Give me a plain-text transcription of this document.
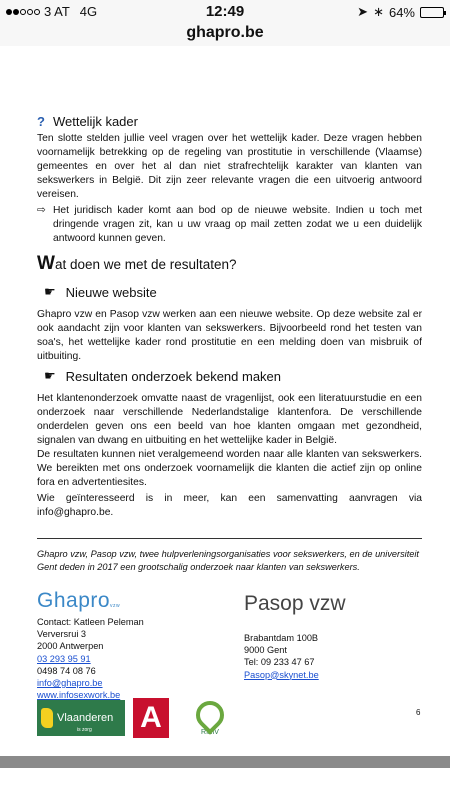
3 AT 4G	12:49	➤ ∗ 64%
ghapro.be
? Wettelijk kader

Ten slotte stelden jullie veel vragen over het wettelijk kader. Deze vragen hebben voornamelijk betrekking op de regeling van prostitutie in verschillende (Vlaamse) gemeentes en over het al dan niet strafrechtelijk karakter van klanten van sekswerkers in België. Dit zijn zeer relevante vragen die een uitvoerig antwoord vereisen.

⇨ Het juridisch kader komt aan bod op de nieuwe website. Indien u toch met dringende vragen zit, kan u uw vraag op mail zetten zodat we u een duidelijk antwoord kunnen geven.
Wat doen we met de resultaten?
☛ Nieuwe website

Ghapro vzw en Pasop vzw werken aan een nieuwe website. Op deze website zal er ook aandacht zijn voor klanten van sekswerkers. Bijvoorbeeld rond het testen van soa's, het wettelijke kader rond prostitutie en een melding doen van misbruik of uitbuiting.

☛ Resultaten onderzoek bekend maken

Het klantenonderzoek omvatte naast de vragenlijst, ook een literatuurstudie en een onderzoek naar verschillende Nederlandstalige klantenfora. De verschillende onderdelen geven ons een beeld van hoe klanten omgaan met gezondheid, signalen van dwang en uitbuiting en het wettelijke kader in België.

De resultaten kunnen niet veralgemeend worden naar alle klanten van sekswerkers. We bereikten met ons onderzoek voornamelijk die klanten die actief zijn op online fora en advertentiesites.

Wie geïnteresseerd is in meer, kan een samenvatting aanvragen via info@ghapro.be.

Ghapro vzw, Pasop vzw, twee hulpverleningsorganisaties voor sekswerkers, en de universiteit Gent deden in 2017 een grootschalig onderzoek naar klanten van sekswerkers.

Ghaprovzw
Contact: Katleen Peleman
Verversrui 3
2000 Antwerpen
03 293 95 91
0498 74 08 76
info@ghapro.be
www.infosexwork.be
Pasop vzw
Brabantdam 100B
9000 Gent
Tel: 09 233 47 67
Pasop@skynet.be
Vlaanderen
is zorg A	RIZIV
6
